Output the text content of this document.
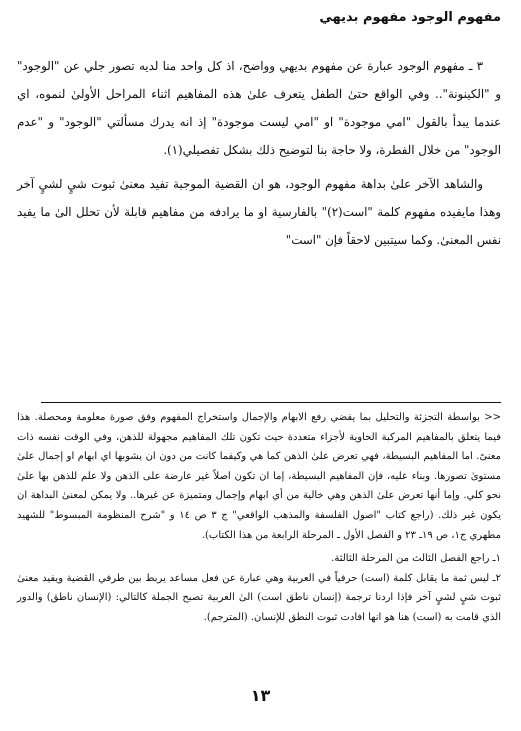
مفهوم الوجود مفهوم بديهي

٣ ـ مفهوم الوجود عبارة عن مفهوم بديهي وواضح، اذ كل واحد منا لديه تصور جلي عن "الوجود" و "الكينونة".. وفي الواقع حتىٰ الطفل يتعرف علىٰ هذه المفاهيم اثناء المراحل الأولىٰ لنموه، اي عندما يبدأ بالقول "امي موجودة" او "امي ليست موجودة" إذ انه يدرك مسألتي "الوجود" و "عدم الوجود" من خلال الفطرة، ولا حاجة بنا لتوضيح ذلك بشكل تفصيلي(١).

والشاهد الآخر علىٰ بداهة مفهوم الوجود، هو ان القضية الموجبة تفيد معنىٰ ثبوت شيٍ لشيٍ آخر وهذا مايفيده مفهوم كلمة "است(٢)" بالفارسية او ما يرادفه من مفاهيم قابلة لأن تحلل الىٰ ما يفيد نفس المعنىٰ. وكما سيتبين لاحقاً فإن "است"

<< بواسطة التجزئة والتحليل بما يفضي رفع الابهام والإجمال واستخراج المفهوم وفق صورة معلومة ومحصلة. هذا فيما يتعلق بالمفاهيم المركبة الحاوية لأجزاء متعددة حيث تكون تلك المفاهيم مجهولة للذهن، وفي الوقت نفسه ذات معنىً. اما المفاهيم البسيطة، فهي تعرض علىٰ الذهن كما هي وكيفما كانت من دون ان يشوبها اي ابهام او إجمال علىٰ مستوىٰ تصورها. وبناء عليه، فإن المفاهيم البسيطة، إما ان تكون اصلاً غير عارضة على الذهن ولا علم للذهن بها علىٰ نحو كلي. وإما أنها تعرض علىٰ الذهن وهي خالية من أي ابهام وإجمال ومتميزة عن غيرها.. ولا يمكن لمعنىٰ البداهة ان يكون غير ذلك. (راجع كتاب "اصول الفلسفة والمذهب الواقعي" ج ٣ ص ١٤ و "شرح المنظومة المبسوط" للشهيد مطهري ج١، ص ١٩ـ ٢٣ و الفصل الأول ـ المرحلة الرابعة من هذا الكتاب).

١ـ راجع الفصل الثالث من المرحلة الثالثة.

٢ـ ليس ثمة ما يقابل كلمة (است) حرفياً في العربية وهي عبارة عن فعل مساعد يربط بين طرفي القضية ويفيد معنىٰ ثبوت شيٍ لشيٍ آخر فإذا اردنا ترجمة (إنسان ناطق است) الىٰ العربية تصبح الجملة كالتالي: (الإنسان ناطق) والدور الذي قامت به (است) هنا هو انها افادت ثبوت النطق للإنسان. (المترجم).

١٣
